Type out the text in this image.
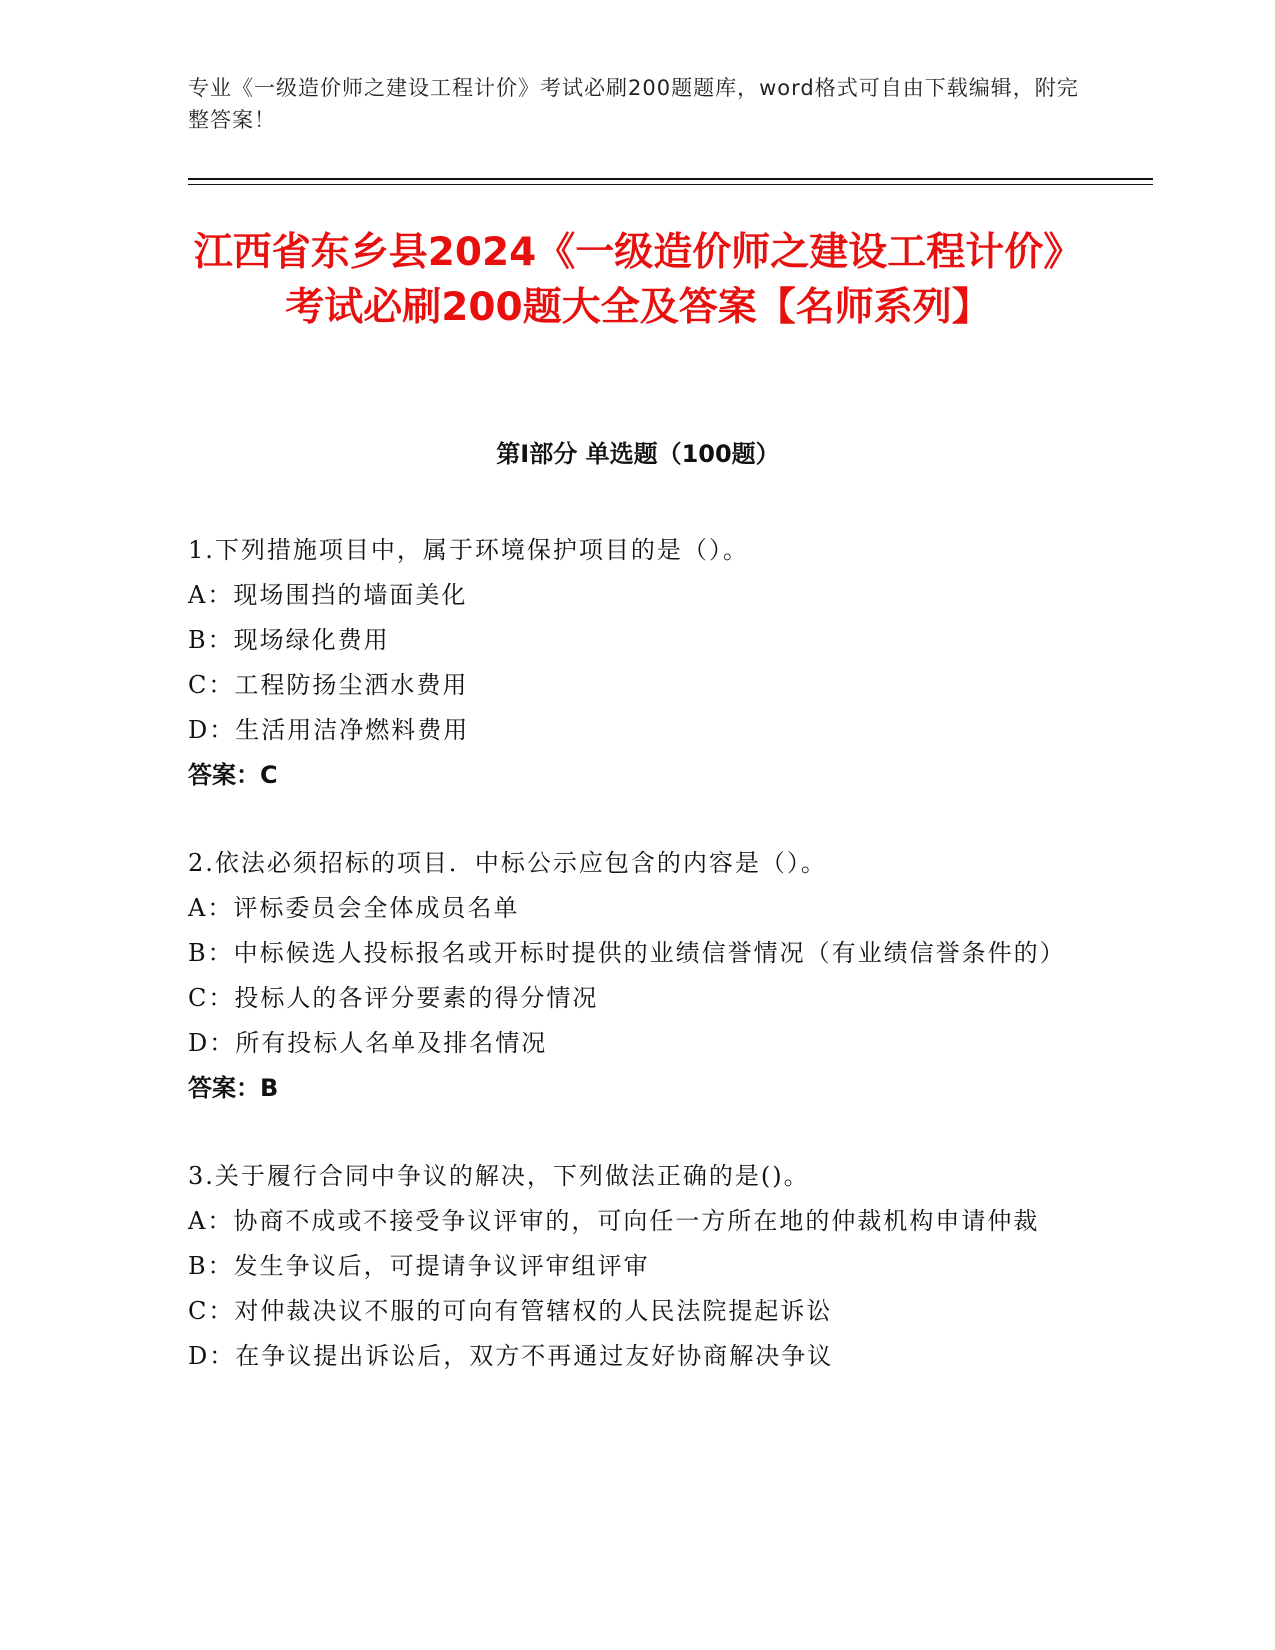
专业《一级造价师之建设工程计价》考试必刷200题题库，word格式可自由下载编辑，附完整答案！
江西省东乡县2024《一级造价师之建设工程计价》考试必刷200题大全及答案【名师系列】
第I部分 单选题（100题）
1.下列措施项目中，属于环境保护项目的是（）。
A：现场围挡的墙面美化
B：现场绿化费用
C：工程防扬尘洒水费用
D：生活用洁净燃料费用
答案：C
2.依法必须招标的项目．中标公示应包含的内容是（）。
A：评标委员会全体成员名单
B：中标候选人投标报名或开标时提供的业绩信誉情况（有业绩信誉条件的）
C：投标人的各评分要素的得分情况
D：所有投标人名单及排名情况
答案：B
3.关于履行合同中争议的解决，下列做法正确的是()。
A：协商不成或不接受争议评审的，可向任一方所在地的仲裁机构申请仲裁
B：发生争议后，可提请争议评审组评审
C：对仲裁决议不服的可向有管辖权的人民法院提起诉讼
D：在争议提出诉讼后，双方不再通过友好协商解决争议
